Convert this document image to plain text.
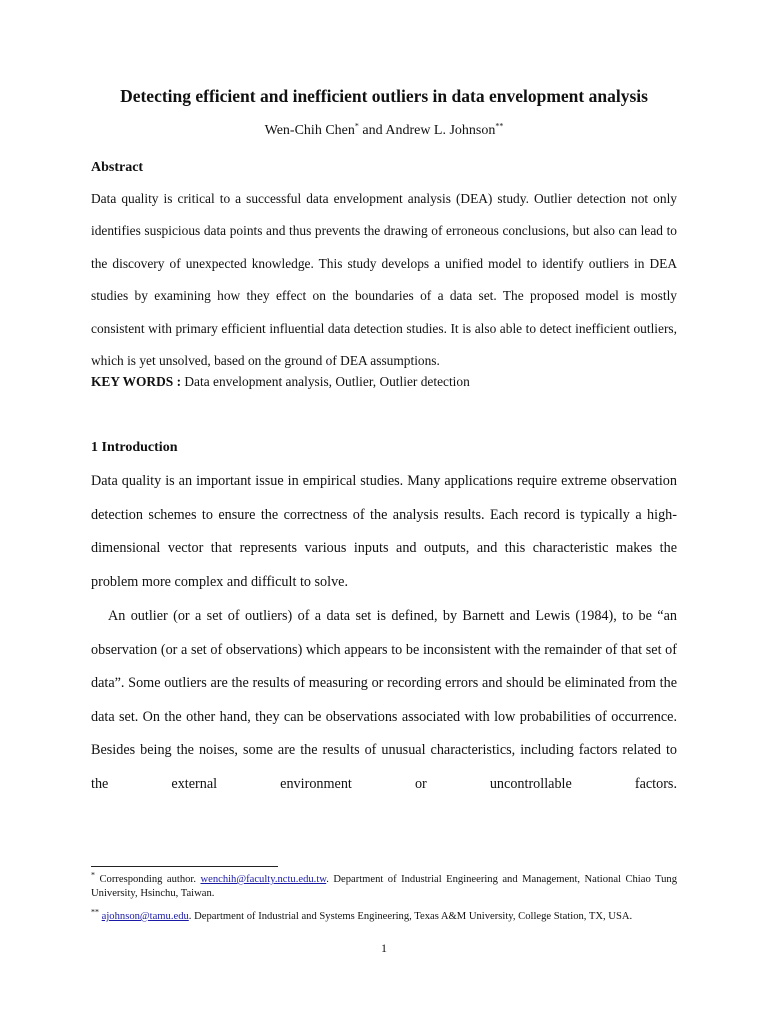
Detecting efficient and inefficient outliers in data envelopment analysis
Wen-Chih Chen* and Andrew L. Johnson**
Abstract
Data quality is critical to a successful data envelopment analysis (DEA) study. Outlier detection not only identifies suspicious data points and thus prevents the drawing of erroneous conclusions, but also can lead to the discovery of unexpected knowledge. This study develops a unified model to identify outliers in DEA studies by examining how they effect on the boundaries of a data set. The proposed model is mostly consistent with primary efficient influential data detection studies. It is also able to detect inefficient outliers, which is yet unsolved, based on the ground of DEA assumptions.
KEY WORDS : Data envelopment analysis, Outlier, Outlier detection
1 Introduction
Data quality is an important issue in empirical studies. Many applications require extreme observation detection schemes to ensure the correctness of the analysis results. Each record is typically a high-dimensional vector that represents various inputs and outputs, and this characteristic makes the problem more complex and difficult to solve.
An outlier (or a set of outliers) of a data set is defined, by Barnett and Lewis (1984), to be “an observation (or a set of observations) which appears to be inconsistent with the remainder of that set of data”. Some outliers are the results of measuring or recording errors and should be eliminated from the data set. On the other hand, they can be observations associated with low probabilities of occurrence. Besides being the noises, some are the results of unusual characteristics, including factors related to the external environment or uncontrollable factors.
* Corresponding author. wenchih@faculty.nctu.edu.tw. Department of Industrial Engineering and Management, National Chiao Tung University, Hsinchu, Taiwan.
** ajohnson@tamu.edu. Department of Industrial and Systems Engineering, Texas A&M University, College Station, TX, USA.
1
